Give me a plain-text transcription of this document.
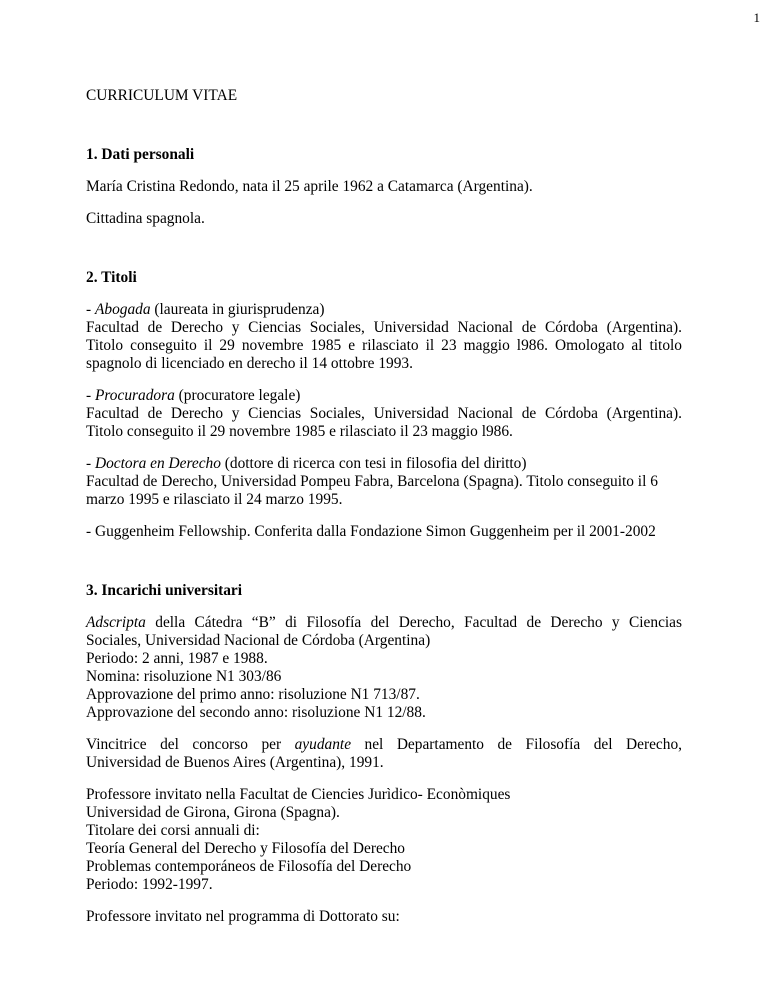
1
CURRICULUM VITAE
1. Dati personali
María Cristina Redondo, nata il 25 aprile 1962 a Catamarca (Argentina).
Cittadina spagnola.
2. Titoli
- Abogada (laureata in giurisprudenza)
Facultad de Derecho y Ciencias Sociales, Universidad Nacional de Córdoba (Argentina).
Titolo conseguito il 29 novembre 1985 e rilasciato il 23 maggio l986. Omologato al titolo
spagnolo di licenciado en derecho il 14 ottobre 1993.
- Procuradora (procuratore legale)
Facultad de Derecho y Ciencias Sociales, Universidad Nacional de Córdoba (Argentina).
Titolo conseguito il 29 novembre 1985 e rilasciato il 23 maggio l986.
- Doctora en Derecho (dottore di ricerca con tesi in filosofia del diritto)
Facultad de Derecho, Universidad Pompeu Fabra, Barcelona (Spagna). Titolo conseguito il 6
marzo 1995 e rilasciato il 24 marzo 1995.
- Guggenheim Fellowship. Conferita dalla Fondazione Simon Guggenheim per il 2001-2002
3. Incarichi universitari
Adscripta della Cátedra “B” di Filosofía del Derecho, Facultad de Derecho y Ciencias
Sociales, Universidad Nacional de Córdoba (Argentina)
Periodo: 2 anni, 1987 e 1988.
Nomina: risoluzione N1 303/86
Approvazione del primo anno: risoluzione N1 713/87.
Approvazione del secondo anno: risoluzione N1 12/88.
Vincitrice del concorso per ayudante nel Departamento de Filosofía del Derecho,
Universidad de Buenos Aires (Argentina), 1991.
Professore invitato nella Facultat de Ciencies Jurìdico- Econòmiques
Universidad de Girona, Girona (Spagna).
Titolare dei corsi annuali di:
Teoría General del Derecho y Filosofía del Derecho
Problemas contemporáneos de Filosofía del Derecho
Periodo: 1992-1997.
Professore invitato nel programma di Dottorato su:
